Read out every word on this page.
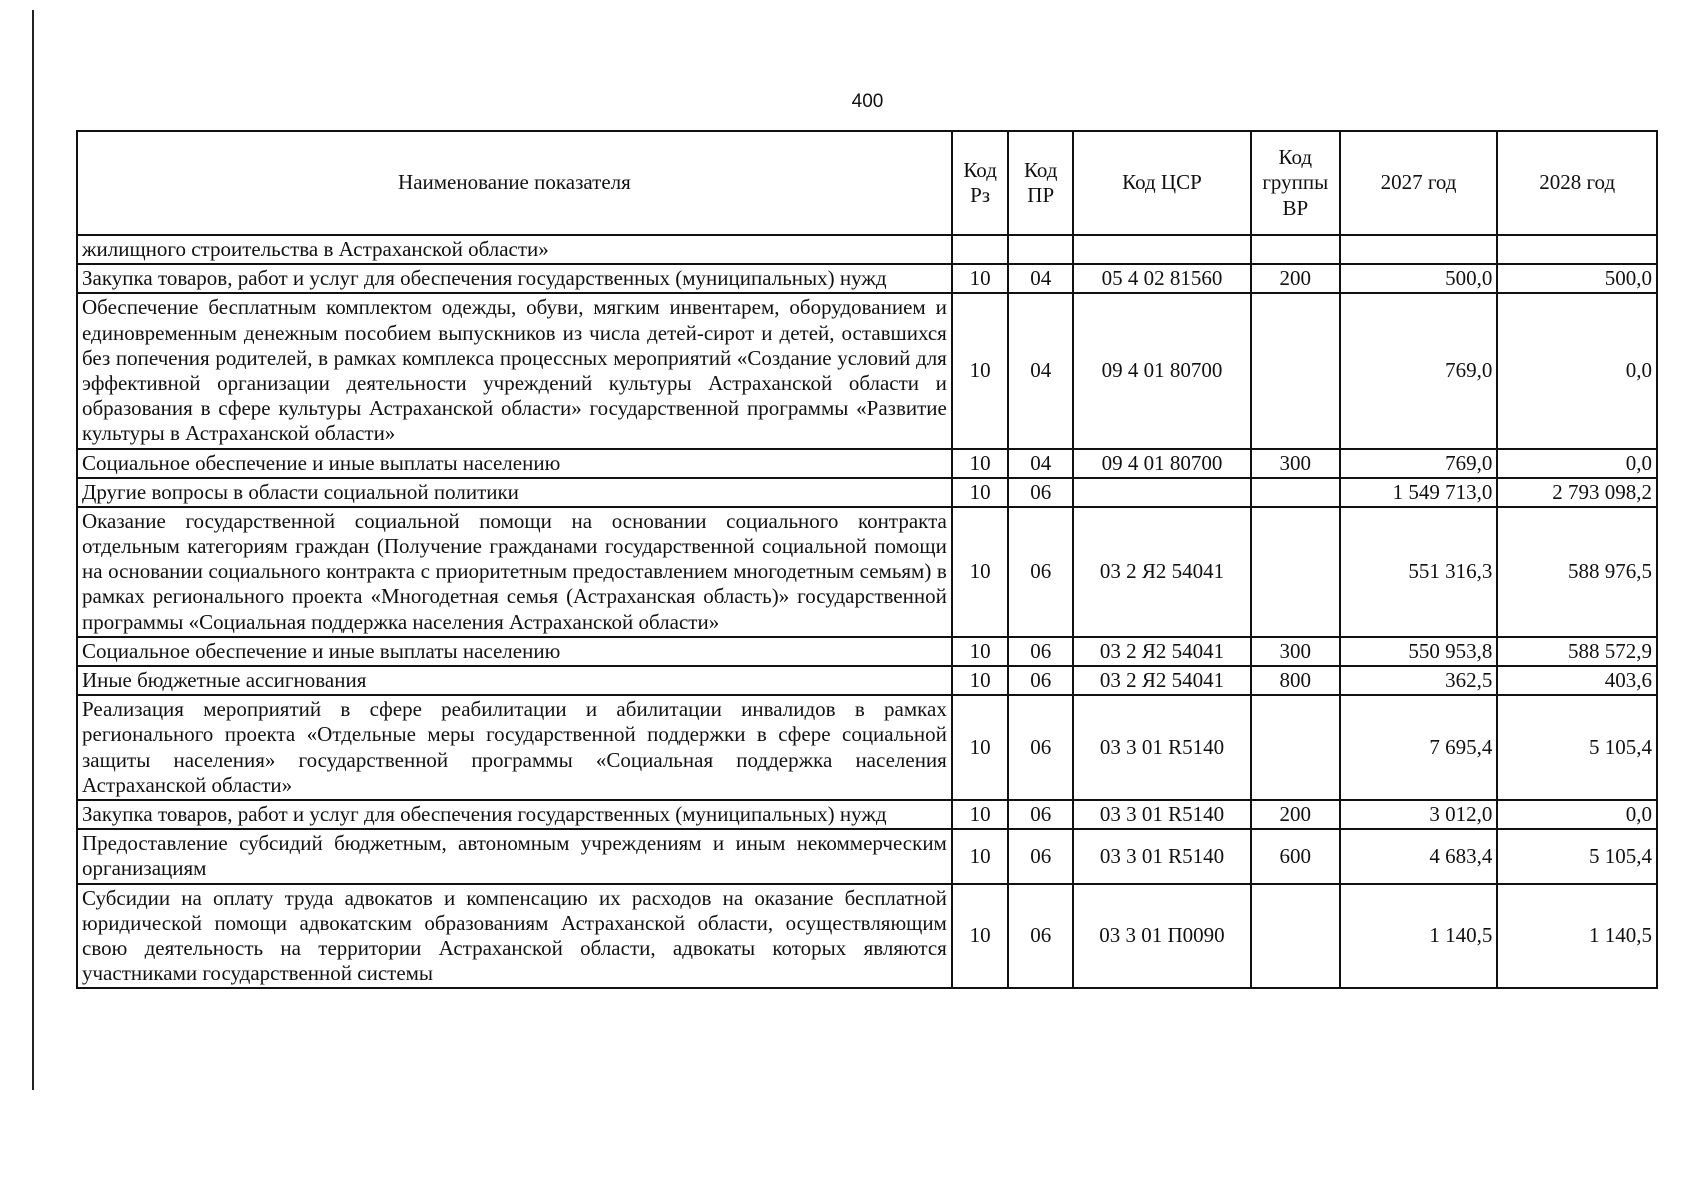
400
Наименование показателя	Код Рз	Код ПР	Код ЦСР	Код группы ВР	2027 год	2028 год
жилищного строительства в Астраханской области»						
Закупка товаров, работ и услуг для обеспечения государственных (муниципальных) нужд	10	04	05 4 02 81560	200	500,0	500,0
Обеспечение бесплатным комплектом одежды, обуви, мягким инвентарем, оборудованием и единовременным денежным пособием выпускников из числа детей-сирот и детей, оставшихся без попечения родителей, в рамках комплекса процессных мероприятий «Создание условий для эффективной организации деятельности учреждений культуры Астраханской области и образования в сфере культуры Астраханской области» государственной программы «Развитие культуры в Астраханской области»	10	04	09 4 01 80700		769,0	0,0
Социальное обеспечение и иные выплаты населению	10	04	09 4 01 80700	300	769,0	0,0
Другие вопросы в области социальной политики	10	06			1 549 713,0	2 793 098,2
Оказание государственной социальной помощи на основании социального контракта отдельным категориям граждан (Получение гражданами государственной социальной помощи на основании социального контракта с приоритетным предоставлением многодетным семьям) в рамках регионального проекта «Многодетная семья (Астраханская область)» государственной программы «Социальная поддержка населения Астраханской области»	10	06	03 2 Я2 54041		551 316,3	588 976,5
Социальное обеспечение и иные выплаты населению	10	06	03 2 Я2 54041	300	550 953,8	588 572,9
Иные бюджетные ассигнования	10	06	03 2 Я2 54041	800	362,5	403,6
Реализация мероприятий в сфере реабилитации и абилитации инвалидов в рамках регионального проекта «Отдельные меры государственной поддержки в сфере социальной защиты населения» государственной программы «Социальная поддержка населения Астраханской области»	10	06	03 3 01 R5140		7 695,4	5 105,4
Закупка товаров, работ и услуг для обеспечения государственных (муниципальных) нужд	10	06	03 3 01 R5140	200	3 012,0	0,0
Предоставление субсидий бюджетным, автономным учреждениям и иным некоммерческим организациям	10	06	03 3 01 R5140	600	4 683,4	5 105,4
Субсидии на оплату труда адвокатов и компенсацию их расходов на оказание бесплатной юридической помощи адвокатским образованиям Астраханской области, осуществляющим свою деятельность на территории Астраханской области, адвокаты которых являются участниками государственной системы	10	06	03 3 01 П0090		1 140,5	1 140,5
